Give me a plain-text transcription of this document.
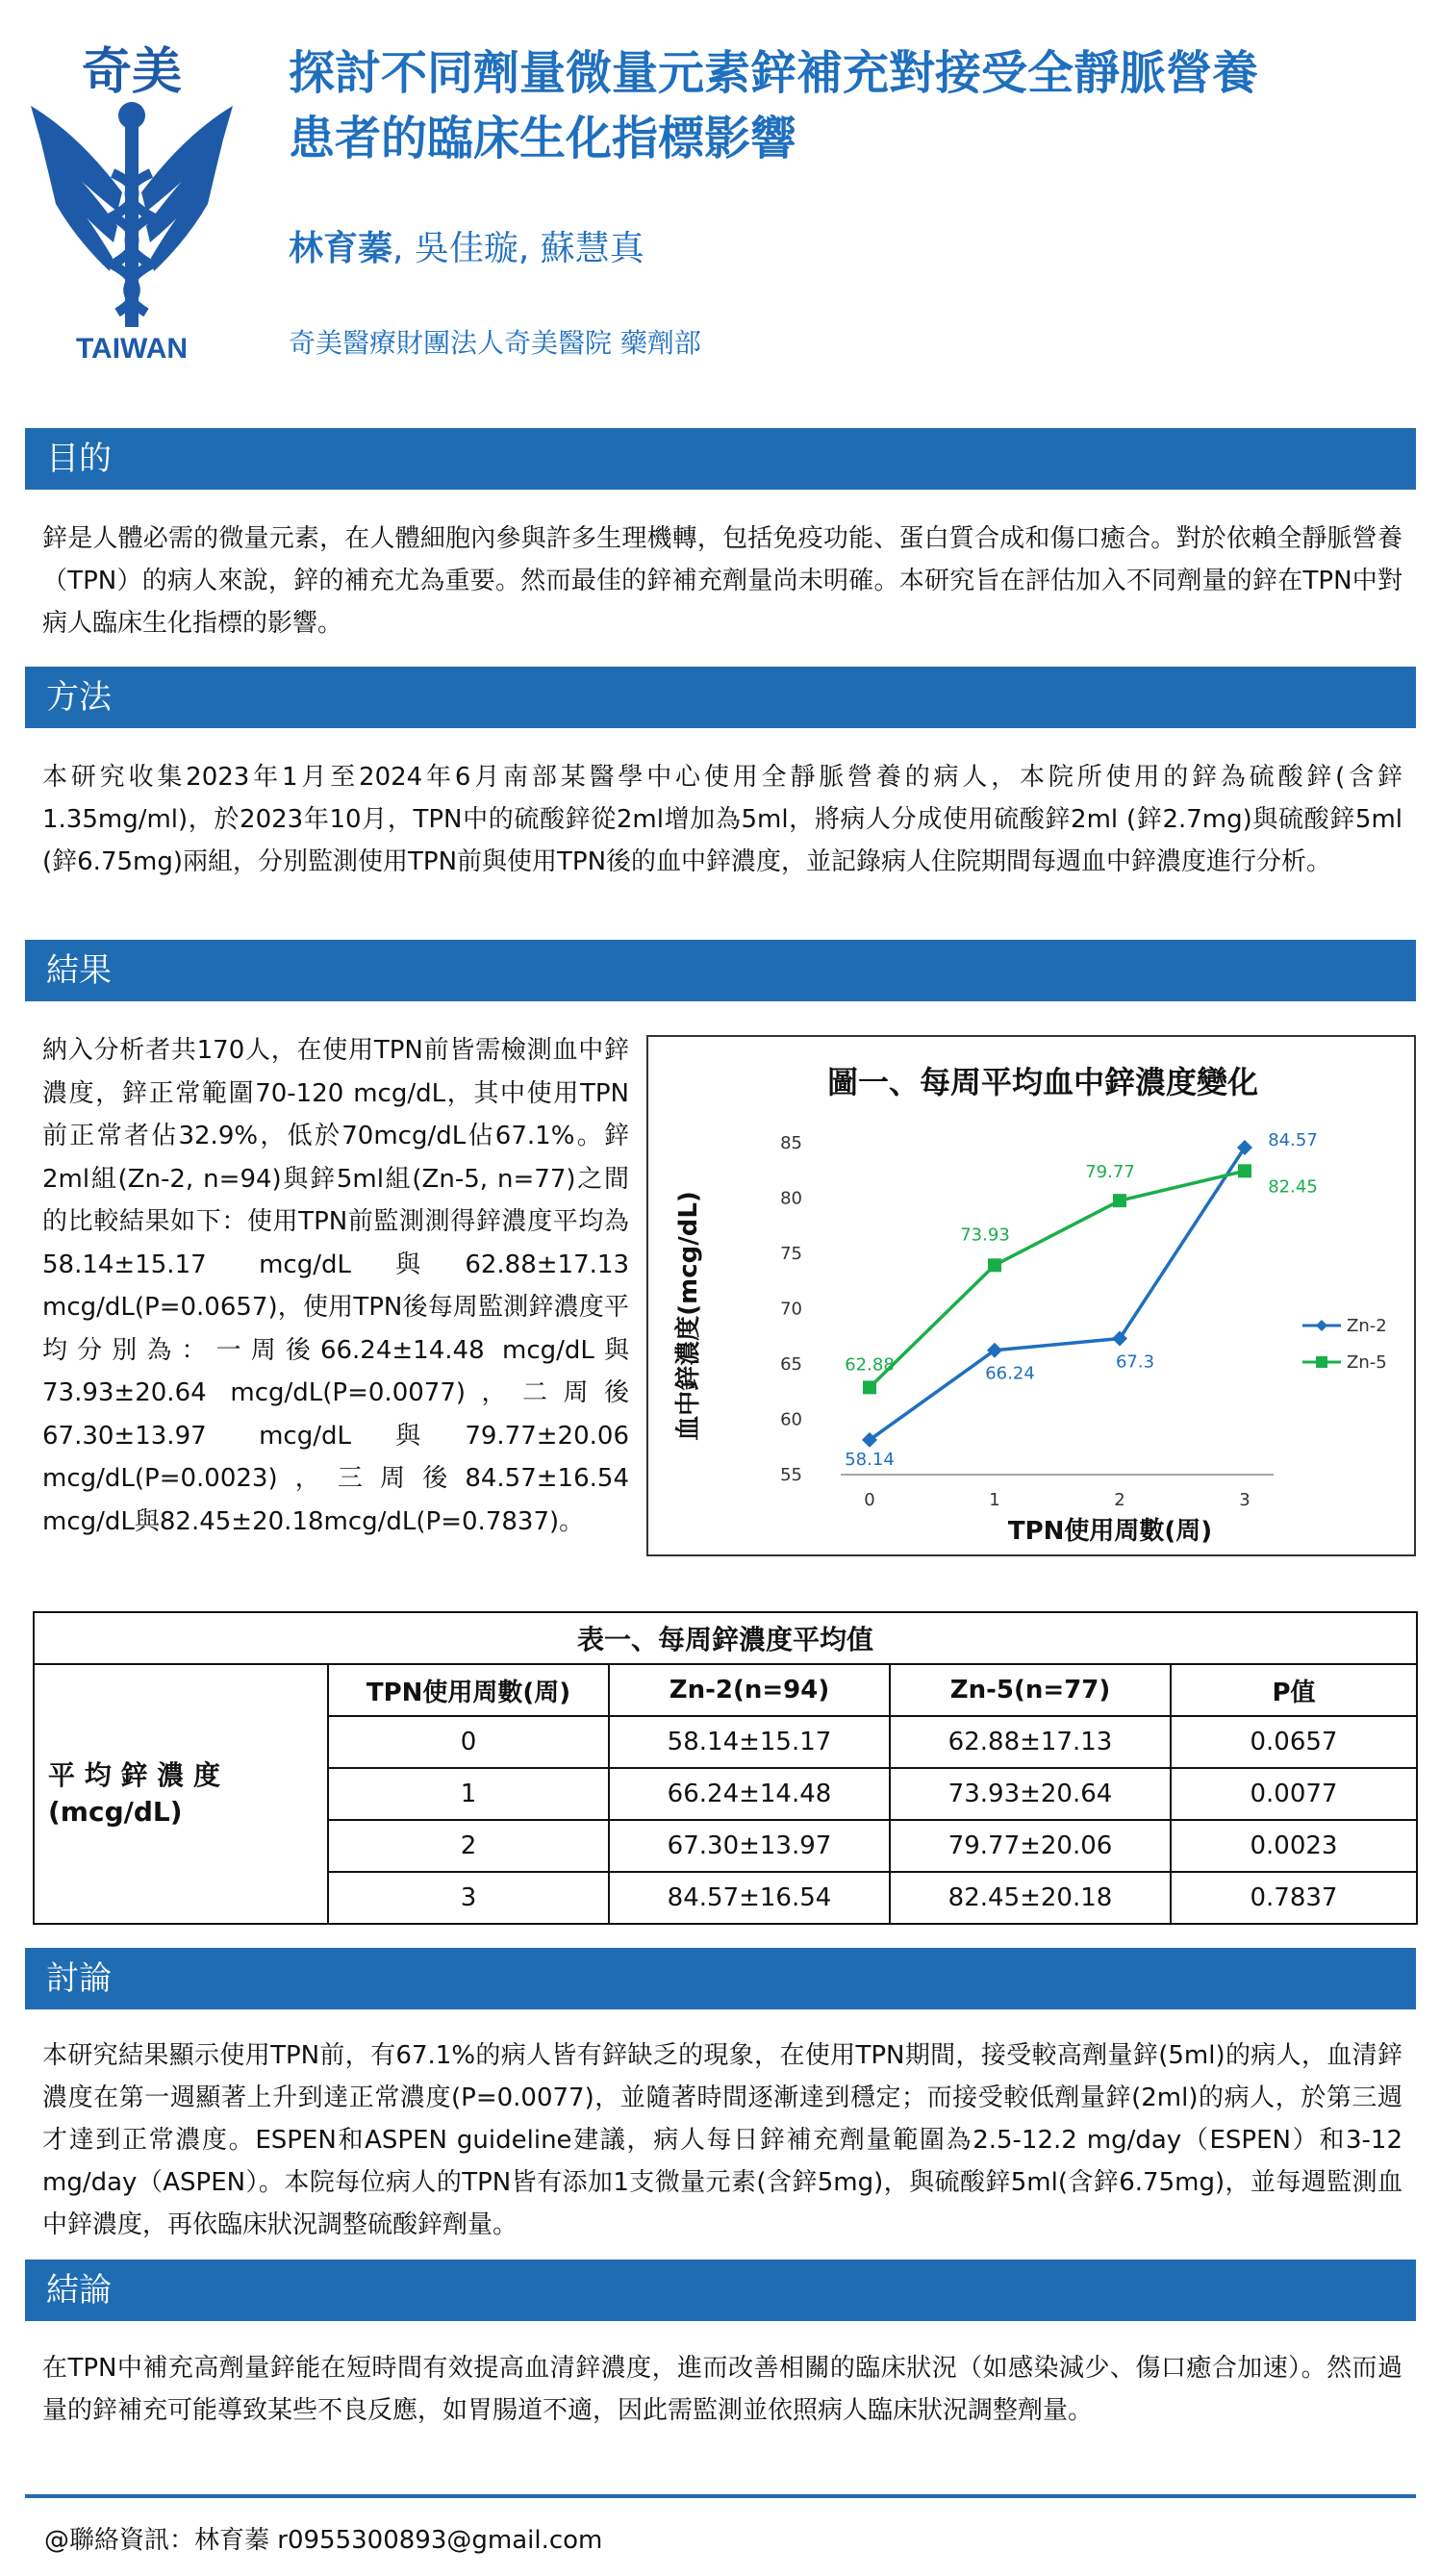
奇美
TAIWAN
探討不同劑量微量元素鋅補充對接受全靜脈營養
患者的臨床生化指標影響
林育蓁, 吳佳璇, 蘇慧真
奇美醫療財團法人奇美醫院 藥劑部
目的

鋅是人體必需的微量元素，在人體細胞內參與許多生理機轉，包括免疫功能、蛋白質合成和傷口癒合。對於依賴全靜脈營養（TPN）的病人來說，鋅的補充尤為重要。然而最佳的鋅補充劑量尚未明確。本研究旨在評估加入不同劑量的鋅在TPN中對病人臨床生化指標的影響。

方法

本研究收集2023年1月至2024年6月南部某醫學中心使用全靜脈營養的病人，本院所使用的鋅為硫酸鋅(含鋅1.35mg/ml)，於2023年10月，TPN中的硫酸鋅從2ml增加為5ml，將病人分成使用硫酸鋅2ml (鋅2.7mg)與硫酸鋅5ml (鋅6.75mg)兩組，分別監測使用TPN前與使用TPN後的血中鋅濃度，並記錄病人住院期間每週血中鋅濃度進行分析。

結果

納入分析者共170人，在使用TPN前皆需檢測血中鋅濃度，鋅正常範圍70-120 mcg/dL，其中使用TPN前正常者佔32.9%，低於70mcg/dL佔67.1%。鋅2ml組(Zn-2, n=94)與鋅5ml組(Zn-5, n=77)之間的比較結果如下：使用TPN前監測測得鋅濃度平均為58.14±15.17 mcg/dL與62.88±17.13 mcg/dL(P=0.0657)，使用TPN後每周監測鋅濃度平均分別為：一周後66.24±14.48 mcg/dL與73.93±20.64 mcg/dL(P=0.0077)，二周後67.30±13.97 mcg/dL與79.77±20.06 mcg/dL(P=0.0023)，三周後84.57±16.54 mcg/dL與82.45±20.18mcg/dL(P=0.7837)。

圖一、每周平均血中鋅濃度變化
血中鋅濃度(mcg/dL)
TPN使用周數(周)
55
60
65
70
75
80
85
0	1	2	3
58.14
66.24
67.3
84.57
62.88
73.93
79.77
82.45
Zn-2
Zn-5
表一、每周鋅濃度平均值				
平 均 鋅 濃 度 (mcg/dL)	TPN使用周數(周)	Zn-2(n=94)	Zn-5(n=77)	P值
	0	58.14±15.17	62.88±17.13	0.0657
	1	66.24±14.48	73.93±20.64	0.0077
	2	67.30±13.97	79.77±20.06	0.0023
	3	84.57±16.54	82.45±20.18	0.7837
討論

本研究結果顯示使用TPN前，有67.1%的病人皆有鋅缺乏的現象，在使用TPN期間，接受較高劑量鋅(5ml)的病人，血清鋅濃度在第一週顯著上升到達正常濃度(P=0.0077)，並隨著時間逐漸達到穩定；而接受較低劑量鋅(2ml)的病人，於第三週才達到正常濃度。ESPEN和ASPEN guideline建議，病人每日鋅補充劑量範圍為2.5-12.2 mg/day（ESPEN）和3-12 mg/day（ASPEN）。本院每位病人的TPN皆有添加1支微量元素(含鋅5mg)，與硫酸鋅5ml(含鋅6.75mg)，並每週監測血中鋅濃度，再依臨床狀況調整硫酸鋅劑量。

結論

在TPN中補充高劑量鋅能在短時間有效提高血清鋅濃度，進而改善相關的臨床狀況（如感染減少、傷口癒合加速）。然而過量的鋅補充可能導致某些不良反應，如胃腸道不適，因此需監測並依照病人臨床狀況調整劑量。

@聯絡資訊：林育蓁 r0955300893@gmail.com
